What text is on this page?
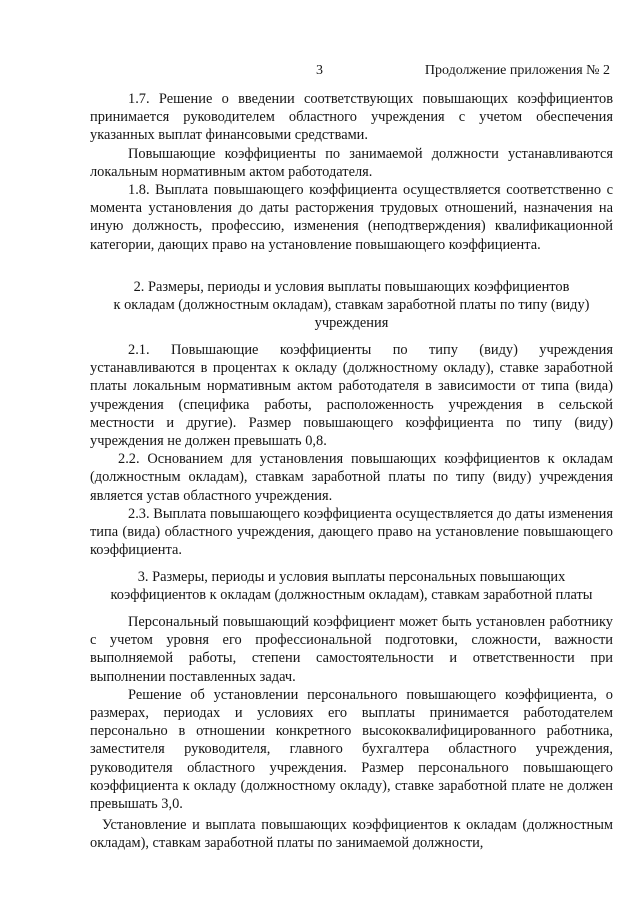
3	Продолжение приложения № 2

1.7. Решение о введении соответствующих повышающих коэффициентов принимается руководителем областного учреждения с учетом обеспечения указанных выплат финансовыми средствами.

Повышающие коэффициенты по занимаемой должности устанавливаются локальным нормативным актом работодателя.

1.8. Выплата повышающего коэффициента осуществляется соответственно с момента установления до даты расторжения трудовых отношений, назначения на иную должность, профессию, изменения (неподтверждения) квалификационной категории, дающих право на установление повышающего коэффициента.

2. Размеры, периоды и условия выплаты повышающих коэффициентов

к окладам (должностным окладам), ставкам заработной платы по типу (виду)

учреждения

2.1. Повышающие коэффициенты по типу (виду) учреждения устанавливаются в процентах к окладу (должностному окладу), ставке заработной платы локальным нормативным актом работодателя в зависимости от типа (вида) учреждения (специфика работы, расположенность учреждения в сельской местности и другие). Размер повышающего коэффициента по типу (виду) учреждения не должен превышать 0,8.

2.2. Основанием для установления повышающих коэффициентов к окладам (должностным окладам), ставкам заработной платы по типу (виду) учреждения является устав областного учреждения.

2.3. Выплата повышающего коэффициента осуществляется до даты изменения типа (вида) областного учреждения, дающего право на установление повышающего коэффициента.

3. Размеры, периоды и условия выплаты персональных повышающих

коэффициентов к окладам (должностным окладам), ставкам заработной платы

Персональный повышающий коэффициент может быть установлен работнику с учетом уровня его профессиональной подготовки, сложности, важности выполняемой работы, степени самостоятельности и ответственности при выполнении поставленных задач.

Решение об установлении персонального повышающего коэффициента, о размерах, периодах и условиях его выплаты принимается работодателем персонально в отношении конкретного высококвалифицированного работника, заместителя руководителя, главного бухгалтера областного учреждения, руководителя областного учреждения. Размер персонального повышающего коэффициента к окладу (должностному окладу), ставке заработной плате не должен превышать 3,0.

Установление и выплата повышающих коэффициентов к окладам (должностным окладам), ставкам заработной платы по занимаемой должности,
